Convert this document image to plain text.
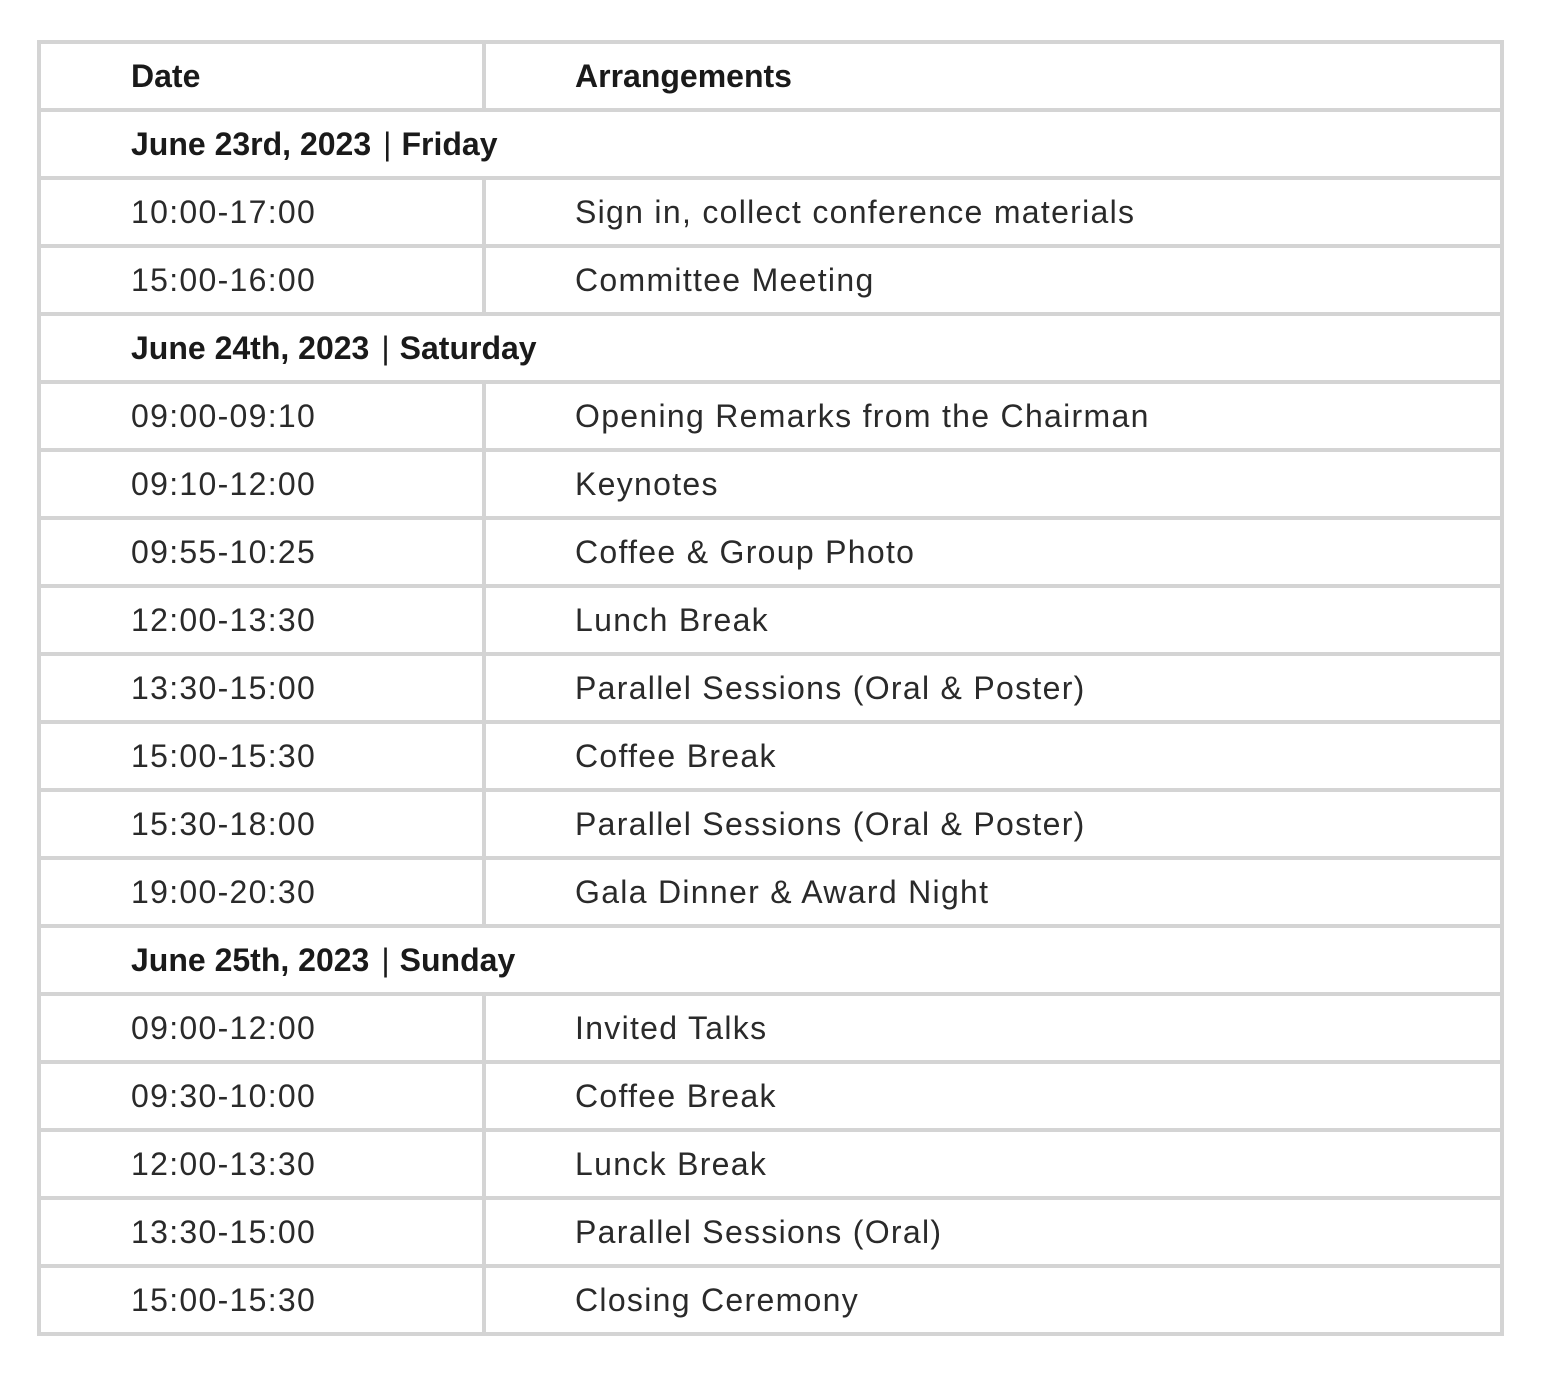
Date	Arrangements
June 23rd, 2023 | Friday	
10:00-17:00	Sign in, collect conference materials
15:00-16:00	Committee Meeting
June 24th, 2023 | Saturday	
09:00-09:10	Opening Remarks from the Chairman
09:10-12:00	Keynotes
09:55-10:25	Coffee & Group Photo
12:00-13:30	Lunch Break
13:30-15:00	Parallel Sessions (Oral & Poster)
15:00-15:30	Coffee Break
15:30-18:00	Parallel Sessions (Oral & Poster)
19:00-20:30	Gala Dinner & Award Night
June 25th, 2023 | Sunday	
09:00-12:00	Invited Talks
09:30-10:00	Coffee Break
12:00-13:30	Lunck Break
13:30-15:00	Parallel Sessions (Oral)
15:00-15:30	Closing Ceremony
